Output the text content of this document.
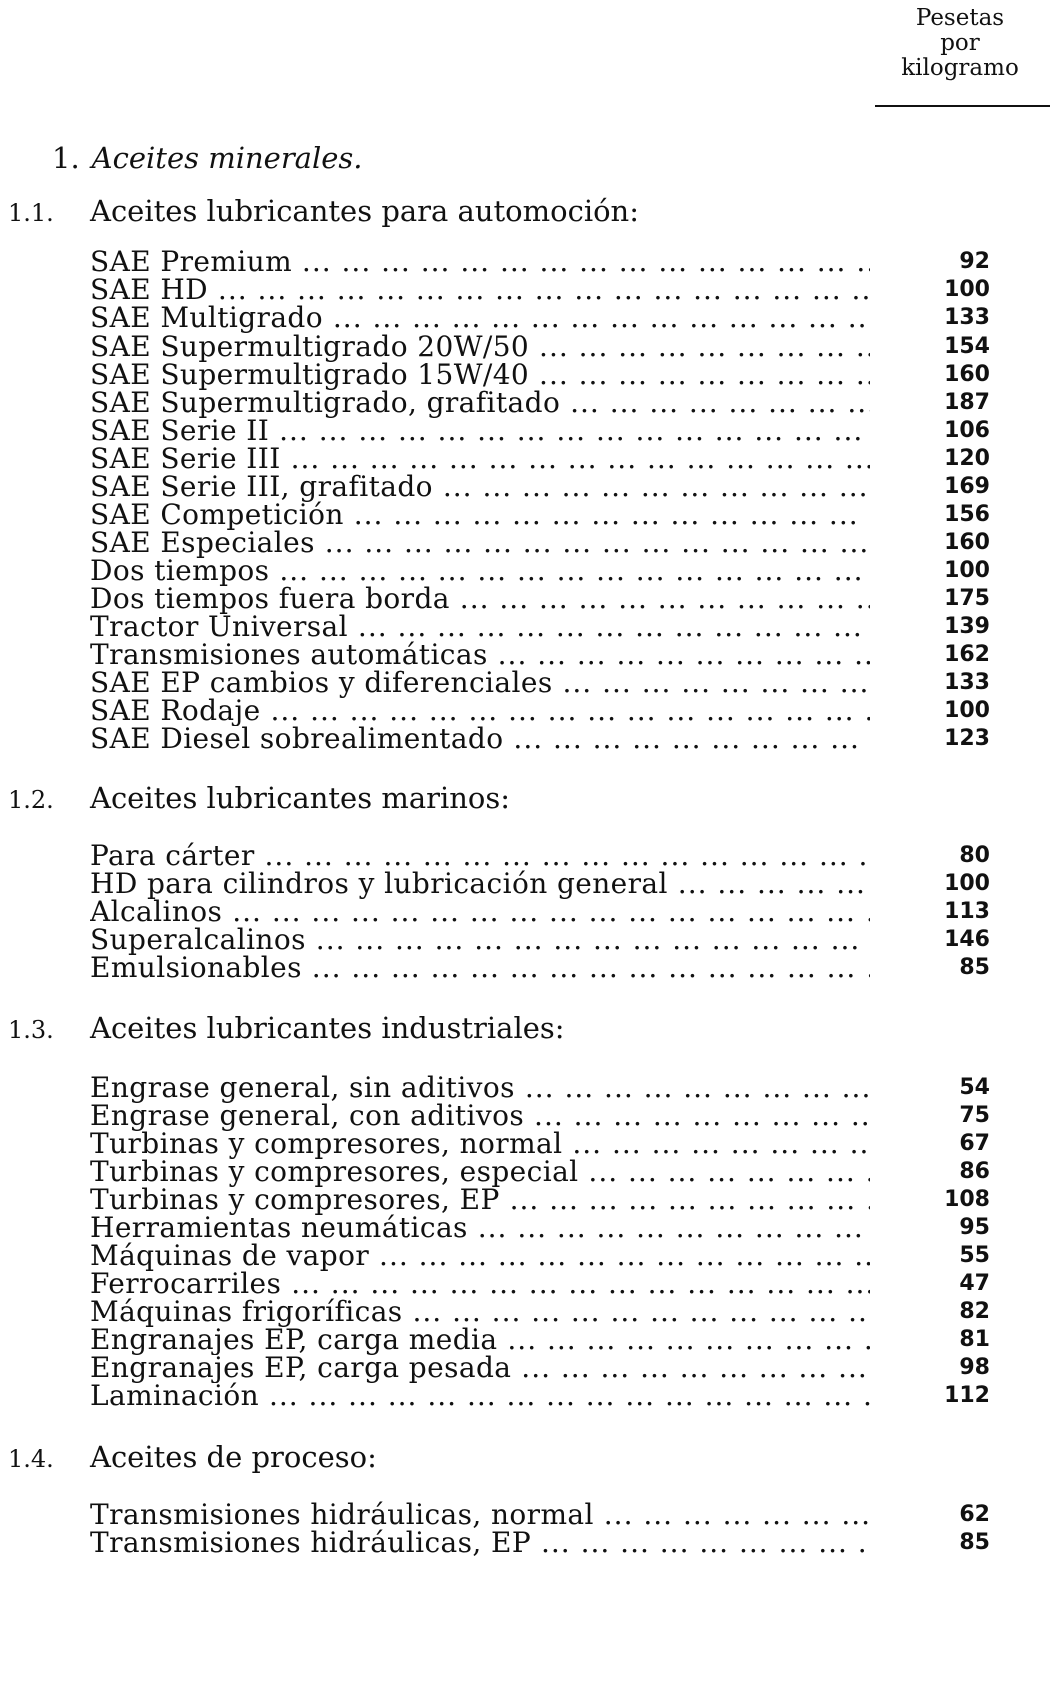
Pesetas
por
kilogramo
1. Aceites minerales.
1.1. Aceites lubricantes para automoción:
SAE Premium ... .	92
SAE HD ... .	100
SAE Multigrado ... .	133
SAE Supermultigrado 20W/50 ... .	154
SAE Supermultigrado 15W/40 ... .	160
SAE Supermultigrado, grafitado ... .	187
SAE Serie II ... .	106
SAE Serie III ... .	120
SAE Serie III, grafitado ... .	169
SAE Competición ... .	156
SAE Especiales ... .	160
Dos tiempos ... .	100
Dos tiempos fuera borda ... .	175
Tractor Universal ... .	139
Transmisiones automáticas ... .	162
SAE EP cambios y diferenciales ... .	133
SAE Rodaje ... .	100
SAE Diesel sobrealimentado ... .	123
1.2. Aceites lubricantes marinos:
Para cárter ... .	80
HD para cilindros y lubricación general ... .	100
Alcalinos ... .	113
Superalcalinos ... .	146
Emulsionables ... .	85
1.3. Aceites lubricantes industriales:
Engrase general, sin aditivos ... .	54
Engrase general, con aditivos ... .	75
Turbinas y compresores, normal ... .	67
Turbinas y compresores, especial ... .	86
Turbinas y compresores, EP ... .	108
Herramientas neumáticas ... .	95
Máquinas de vapor ... .	55
Ferrocarriles ... .	47
Máquinas frigoríficas ... .	82
Engranajes EP, carga media ... .	81
Engranajes EP, carga pesada ... .	98
Laminación ... .	112
1.4. Aceites de proceso:
Transmisiones hidráulicas, normal ... .	62
Transmisiones hidráulicas, EP ... .	85
